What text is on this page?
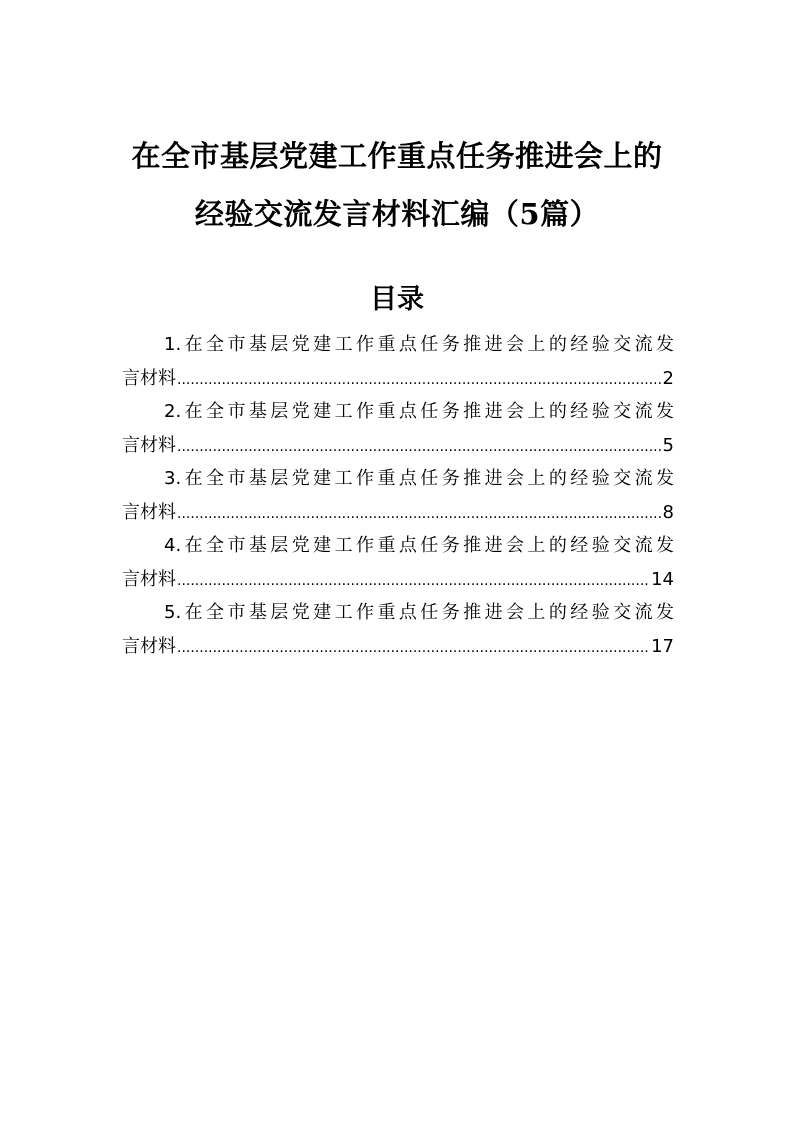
在全市基层党建工作重点任务推进会上的
经验交流发言材料汇编（5篇）
目录
1.在全市基层党建工作重点任务推进会上的经验交流发
言材料 .....	2
2.在全市基层党建工作重点任务推进会上的经验交流发
言材料 .....	5
3.在全市基层党建工作重点任务推进会上的经验交流发
言材料 .....	8
4.在全市基层党建工作重点任务推进会上的经验交流发
言材料 .....	14
5.在全市基层党建工作重点任务推进会上的经验交流发
言材料 .....	17
